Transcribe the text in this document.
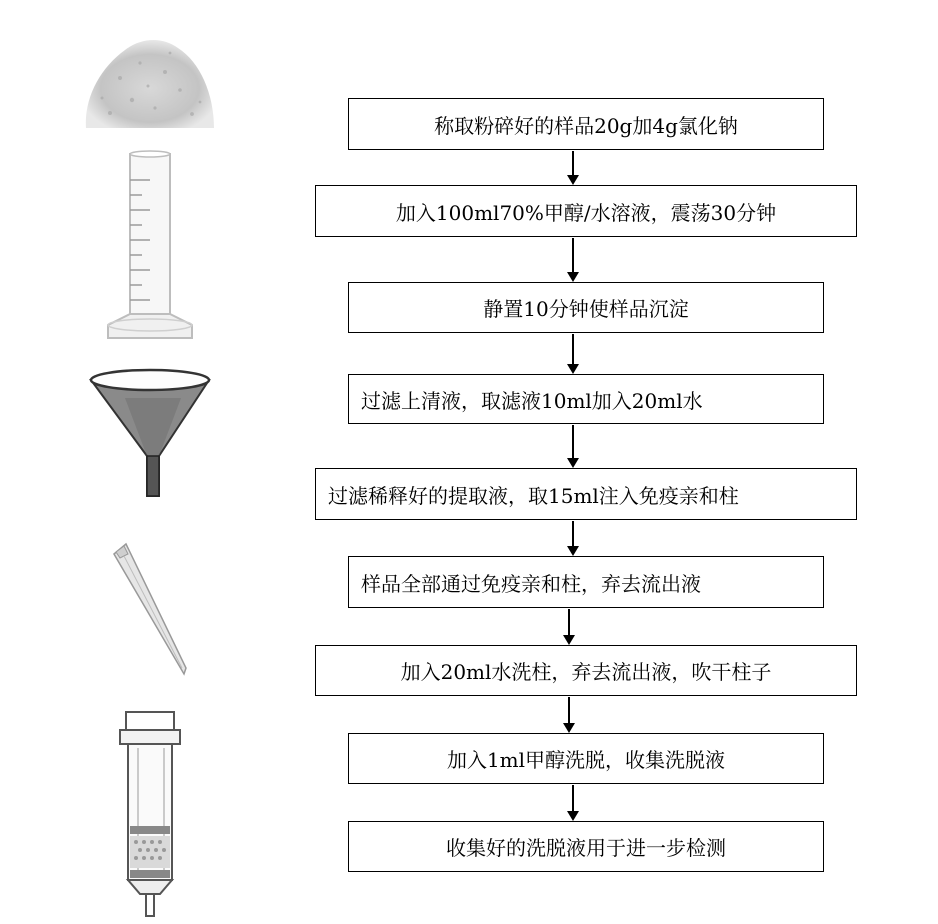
称取粉碎好的样品20g加4g氯化钠
加入100ml70%甲醇/水溶液，震荡30分钟
静置10分钟使样品沉淀
过滤上清液，取滤液10ml加入20ml水
过滤稀释好的提取液，取15ml注入免疫亲和柱
样品全部通过免疫亲和柱，弃去流出液
加入20ml水洗柱，弃去流出液，吹干柱子
加入1ml甲醇洗脱，收集洗脱液
收集好的洗脱液用于进一步检测
